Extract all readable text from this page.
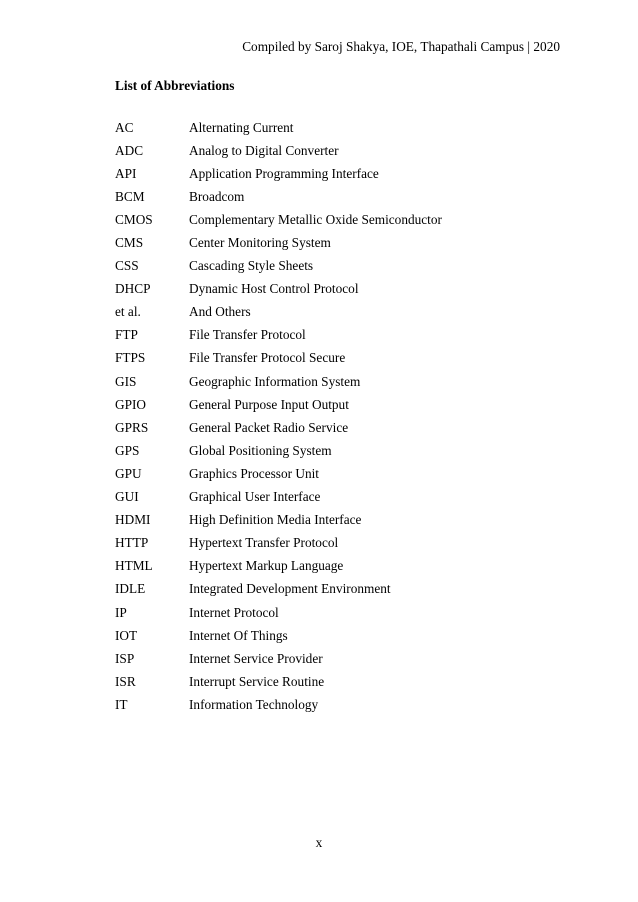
Compiled by Saroj Shakya, IOE, Thapathali Campus | 2020
List of Abbreviations
AC	Alternating Current
ADC	Analog to Digital Converter
API	Application Programming Interface
BCM	Broadcom
CMOS	Complementary Metallic Oxide Semiconductor
CMS	Center Monitoring System
CSS	Cascading Style Sheets
DHCP	Dynamic Host Control Protocol
et al.	And Others
FTP	File Transfer Protocol
FTPS	File Transfer Protocol Secure
GIS	Geographic Information System
GPIO	General Purpose Input Output
GPRS	General Packet Radio Service
GPS	Global Positioning System
GPU	Graphics Processor Unit
GUI	Graphical User Interface
HDMI	High Definition Media Interface
HTTP	Hypertext Transfer Protocol
HTML	Hypertext Markup Language
IDLE	Integrated Development Environment
IP	Internet Protocol
IOT	Internet Of Things
ISP	Internet Service Provider
ISR	Interrupt Service Routine
IT	Information Technology
x
